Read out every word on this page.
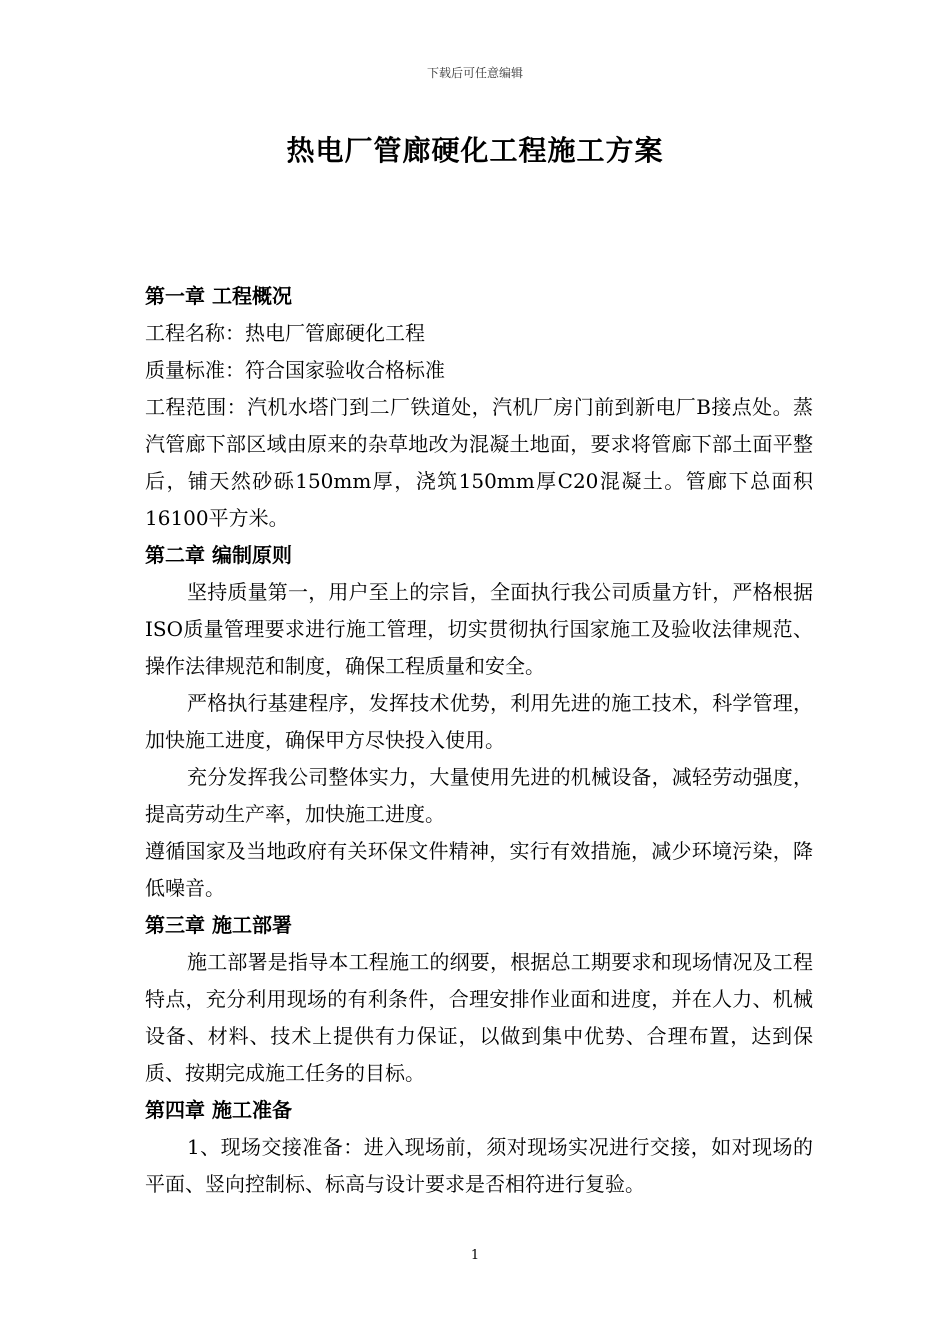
下载后可任意编辑
热电厂管廊硬化工程施工方案
第一章 工程概况

工程名称：热电厂管廊硬化工程

质量标准：符合国家验收合格标准

工程范围：汽机水塔门到二厂铁道处，汽机厂房门前到新电厂B接点处。蒸汽管廊下部区域由原来的杂草地改为混凝土地面，要求将管廊下部土面平整后，铺天然砂砾150mm厚，浇筑150mm厚C20混凝土。管廊下总面积16100平方米。

第二章 编制原则

坚持质量第一，用户至上的宗旨，全面执行我公司质量方针，严格根据ISO质量管理要求进行施工管理，切实贯彻执行国家施工及验收法律规范、操作法律规范和制度，确保工程质量和安全。

严格执行基建程序，发挥技术优势，利用先进的施工技术，科学管理，加快施工进度，确保甲方尽快投入使用。

充分发挥我公司整体实力，大量使用先进的机械设备，减轻劳动强度，提高劳动生产率，加快施工进度。

遵循国家及当地政府有关环保文件精神，实行有效措施，减少环境污染，降低噪音。

第三章 施工部署

施工部署是指导本工程施工的纲要，根据总工期要求和现场情况及工程特点，充分利用现场的有利条件，合理安排作业面和进度，并在人力、机械设备、材料、技术上提供有力保证，以做到集中优势、合理布置，达到保质、按期完成施工任务的目标。

第四章 施工准备

1、现场交接准备：进入现场前，须对现场实况进行交接，如对现场的平面、竖向控制标、标高与设计要求是否相符进行复验。

1
